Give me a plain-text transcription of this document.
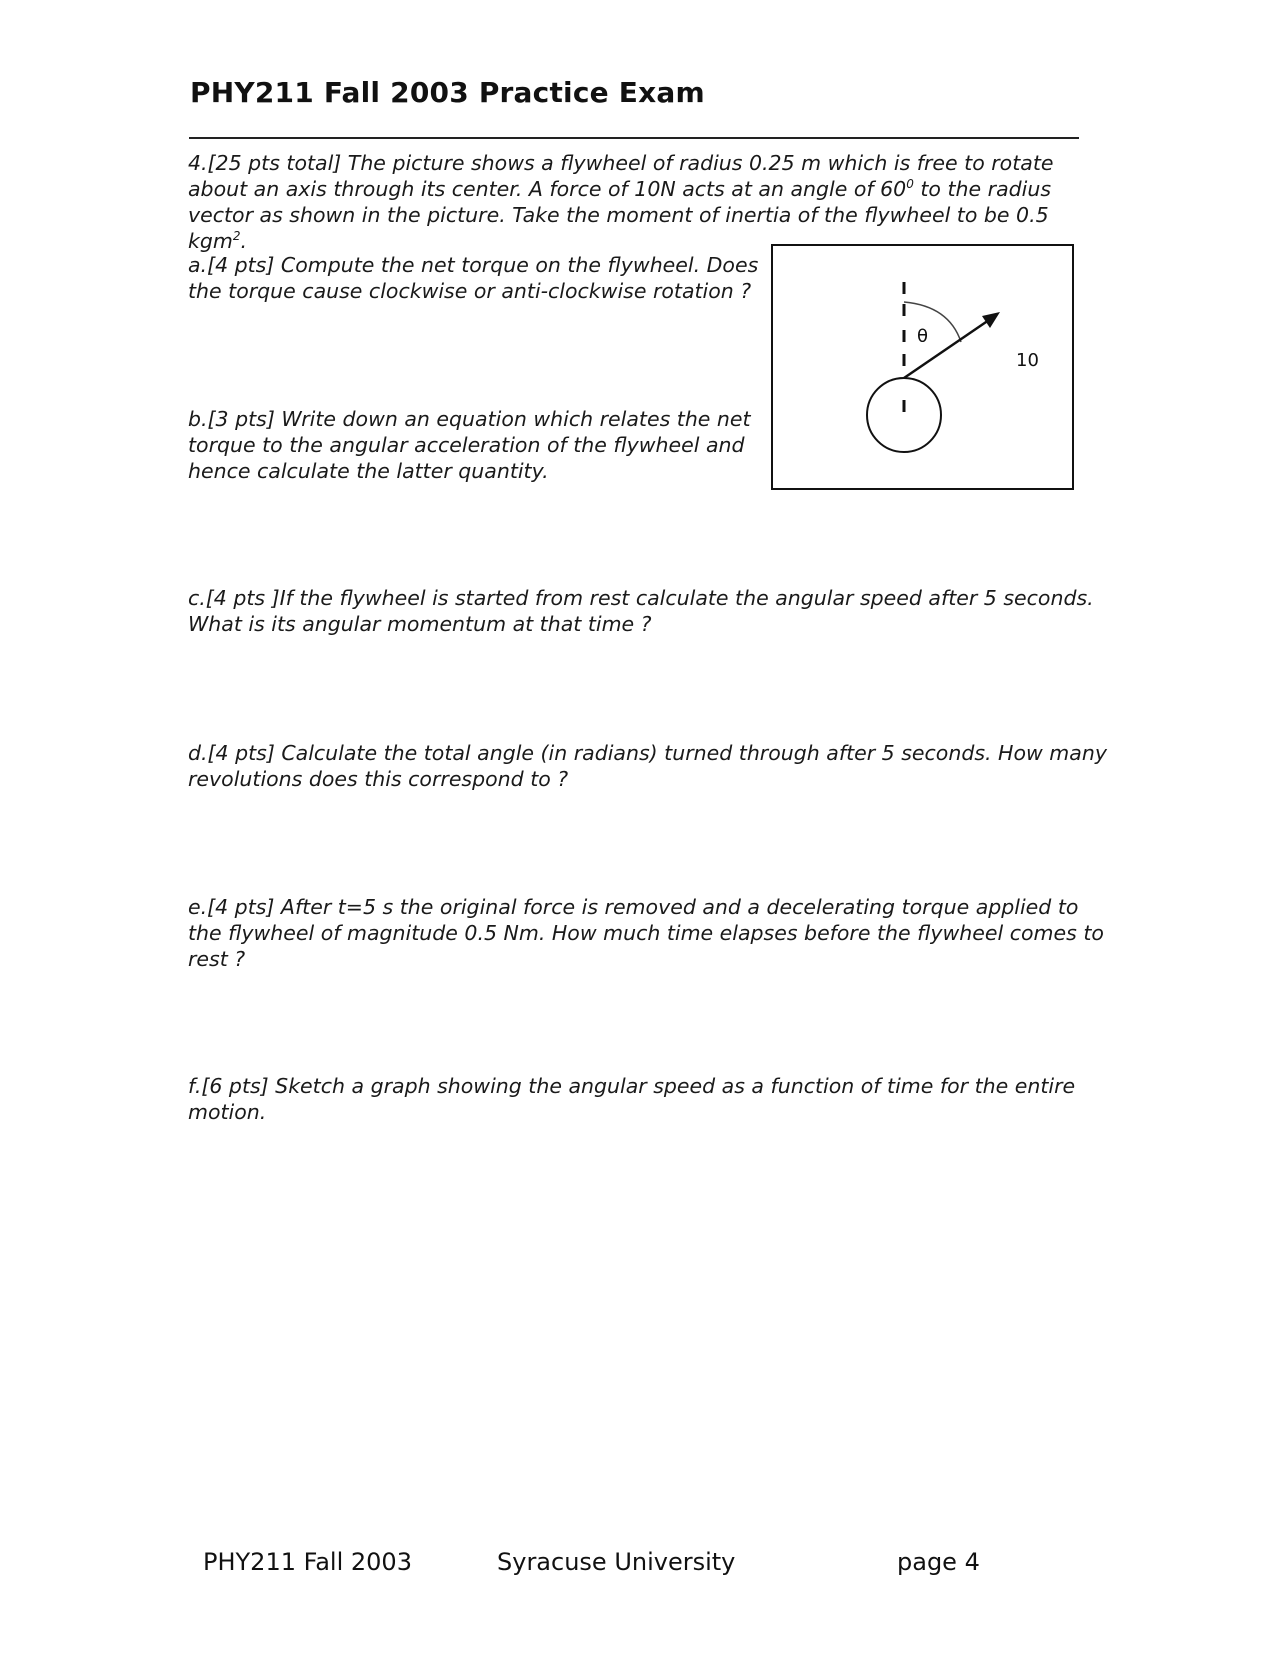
PHY211 Fall 2003 Practice Exam

4.[25 pts total] The picture shows a flywheel of radius 0.25 m which is free to rotate about an axis through its center. A force of 10N acts at an angle of $60^0$ to the radius vector as shown in the picture. Take the moment of inertia of the flywheel to be 0.5 kgm$^2$.

a.[4 pts] Compute the net torque on the flywheel. Does the torque cause clockwise or anti-clockwise rotation ?

b.[3 pts] Write down an equation which relates the net torque to the angular acceleration of the flywheel and hence calculate the latter quantity.

θ
10

c.[4 pts ]If the flywheel is started from rest calculate the angular speed after 5 seconds. What is its angular momentum at that time ?

d.[4 pts] Calculate the total angle (in radians) turned through after 5 seconds. How many revolutions does this correspond to ?

e.[4 pts] After t=5 s the original force is removed and a decelerating torque applied to the flywheel of magnitude 0.5 Nm. How much time elapses before the flywheel comes to rest ?

f.[6 pts] Sketch a graph showing the angular speed as a function of time for the entire motion.

PHY211 Fall 2003	Syracuse University	page 4
